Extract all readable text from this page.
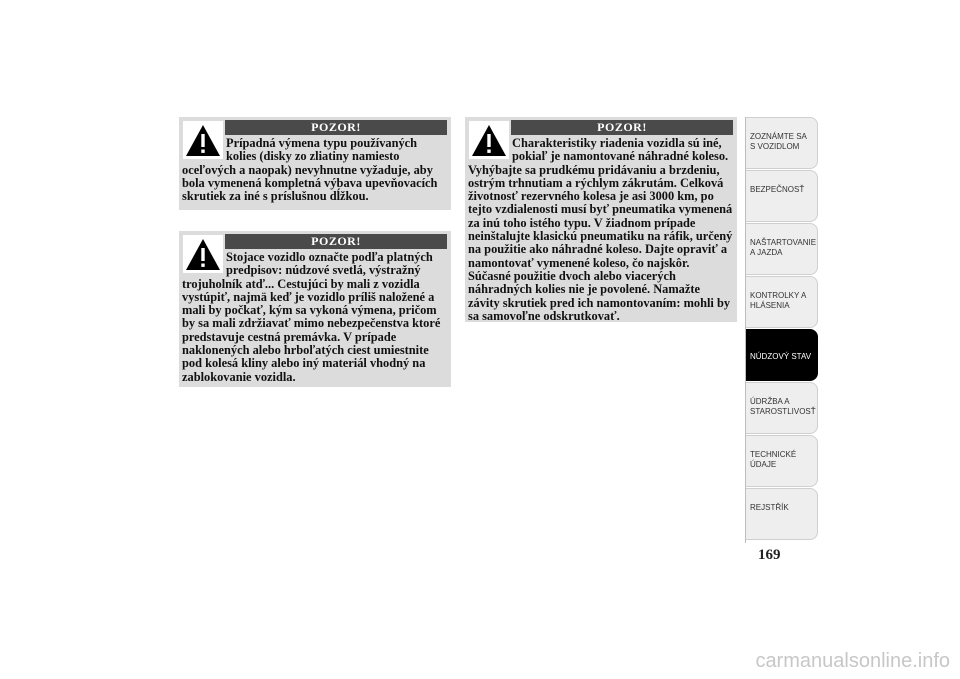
POZOR!
Prípadná výmena typu používaných kolies (disky zo zliatiny namiesto oceľových a naopak) nevyhnutne vyžaduje, aby bola vymenená kompletná výbava upevňovacích skrutiek za iné s príslušnou dĺžkou.
POZOR!
Stojace vozidlo označte podľa platných predpisov: núdzové svetlá, výstražný trojuholník atď... Cestujúci by mali z vozidla vystúpiť, najmä keď je vozidlo príliš naložené a mali by počkať, kým sa vykoná výmena, pričom by sa mali zdržiavať mimo nebezpečenstva ktoré predstavuje cestná premávka. V prípade naklonených alebo hrboľatých ciest umiestnite pod kolesá kliny alebo iný materiál vhodný na zablokovanie vozidla.
POZOR!
Charakteristiky riadenia vozidla sú iné, pokiaľ je namontované náhradné koleso. Vyhýbajte sa prudkému pridávaniu a brzdeniu, ostrým trhnutiam a rýchlym zákrutám. Celková životnosť rezervného kolesa je asi 3000 km, po tejto vzdialenosti musí byť pneumatika vymenená za inú toho istého typu. V žiadnom prípade neinštalujte klasickú pneumatiku na ráfik, určený na použitie ako náhradné koleso. Dajte opraviť a namontovať vymenené koleso, čo najskôr. Súčasné použitie dvoch alebo viacerých náhradných kolies nie je povolené. Namažte závity skrutiek pred ich namontovaním: mohli by sa samovoľne odskrutkovať.
ZOZNÁMTE SA S VOZIDLOM
BEZPEČNOSŤ
NAŠTARTOVANIE A JAZDA
KONTROLKY A HLÁSENIA
NÚDZOVÝ STAV
ÚDRŽBA A STAROSTLIVOSŤ
TECHNICKÉ ÚDAJE
REJSTŘÍK
169
carmanualsonline.info
